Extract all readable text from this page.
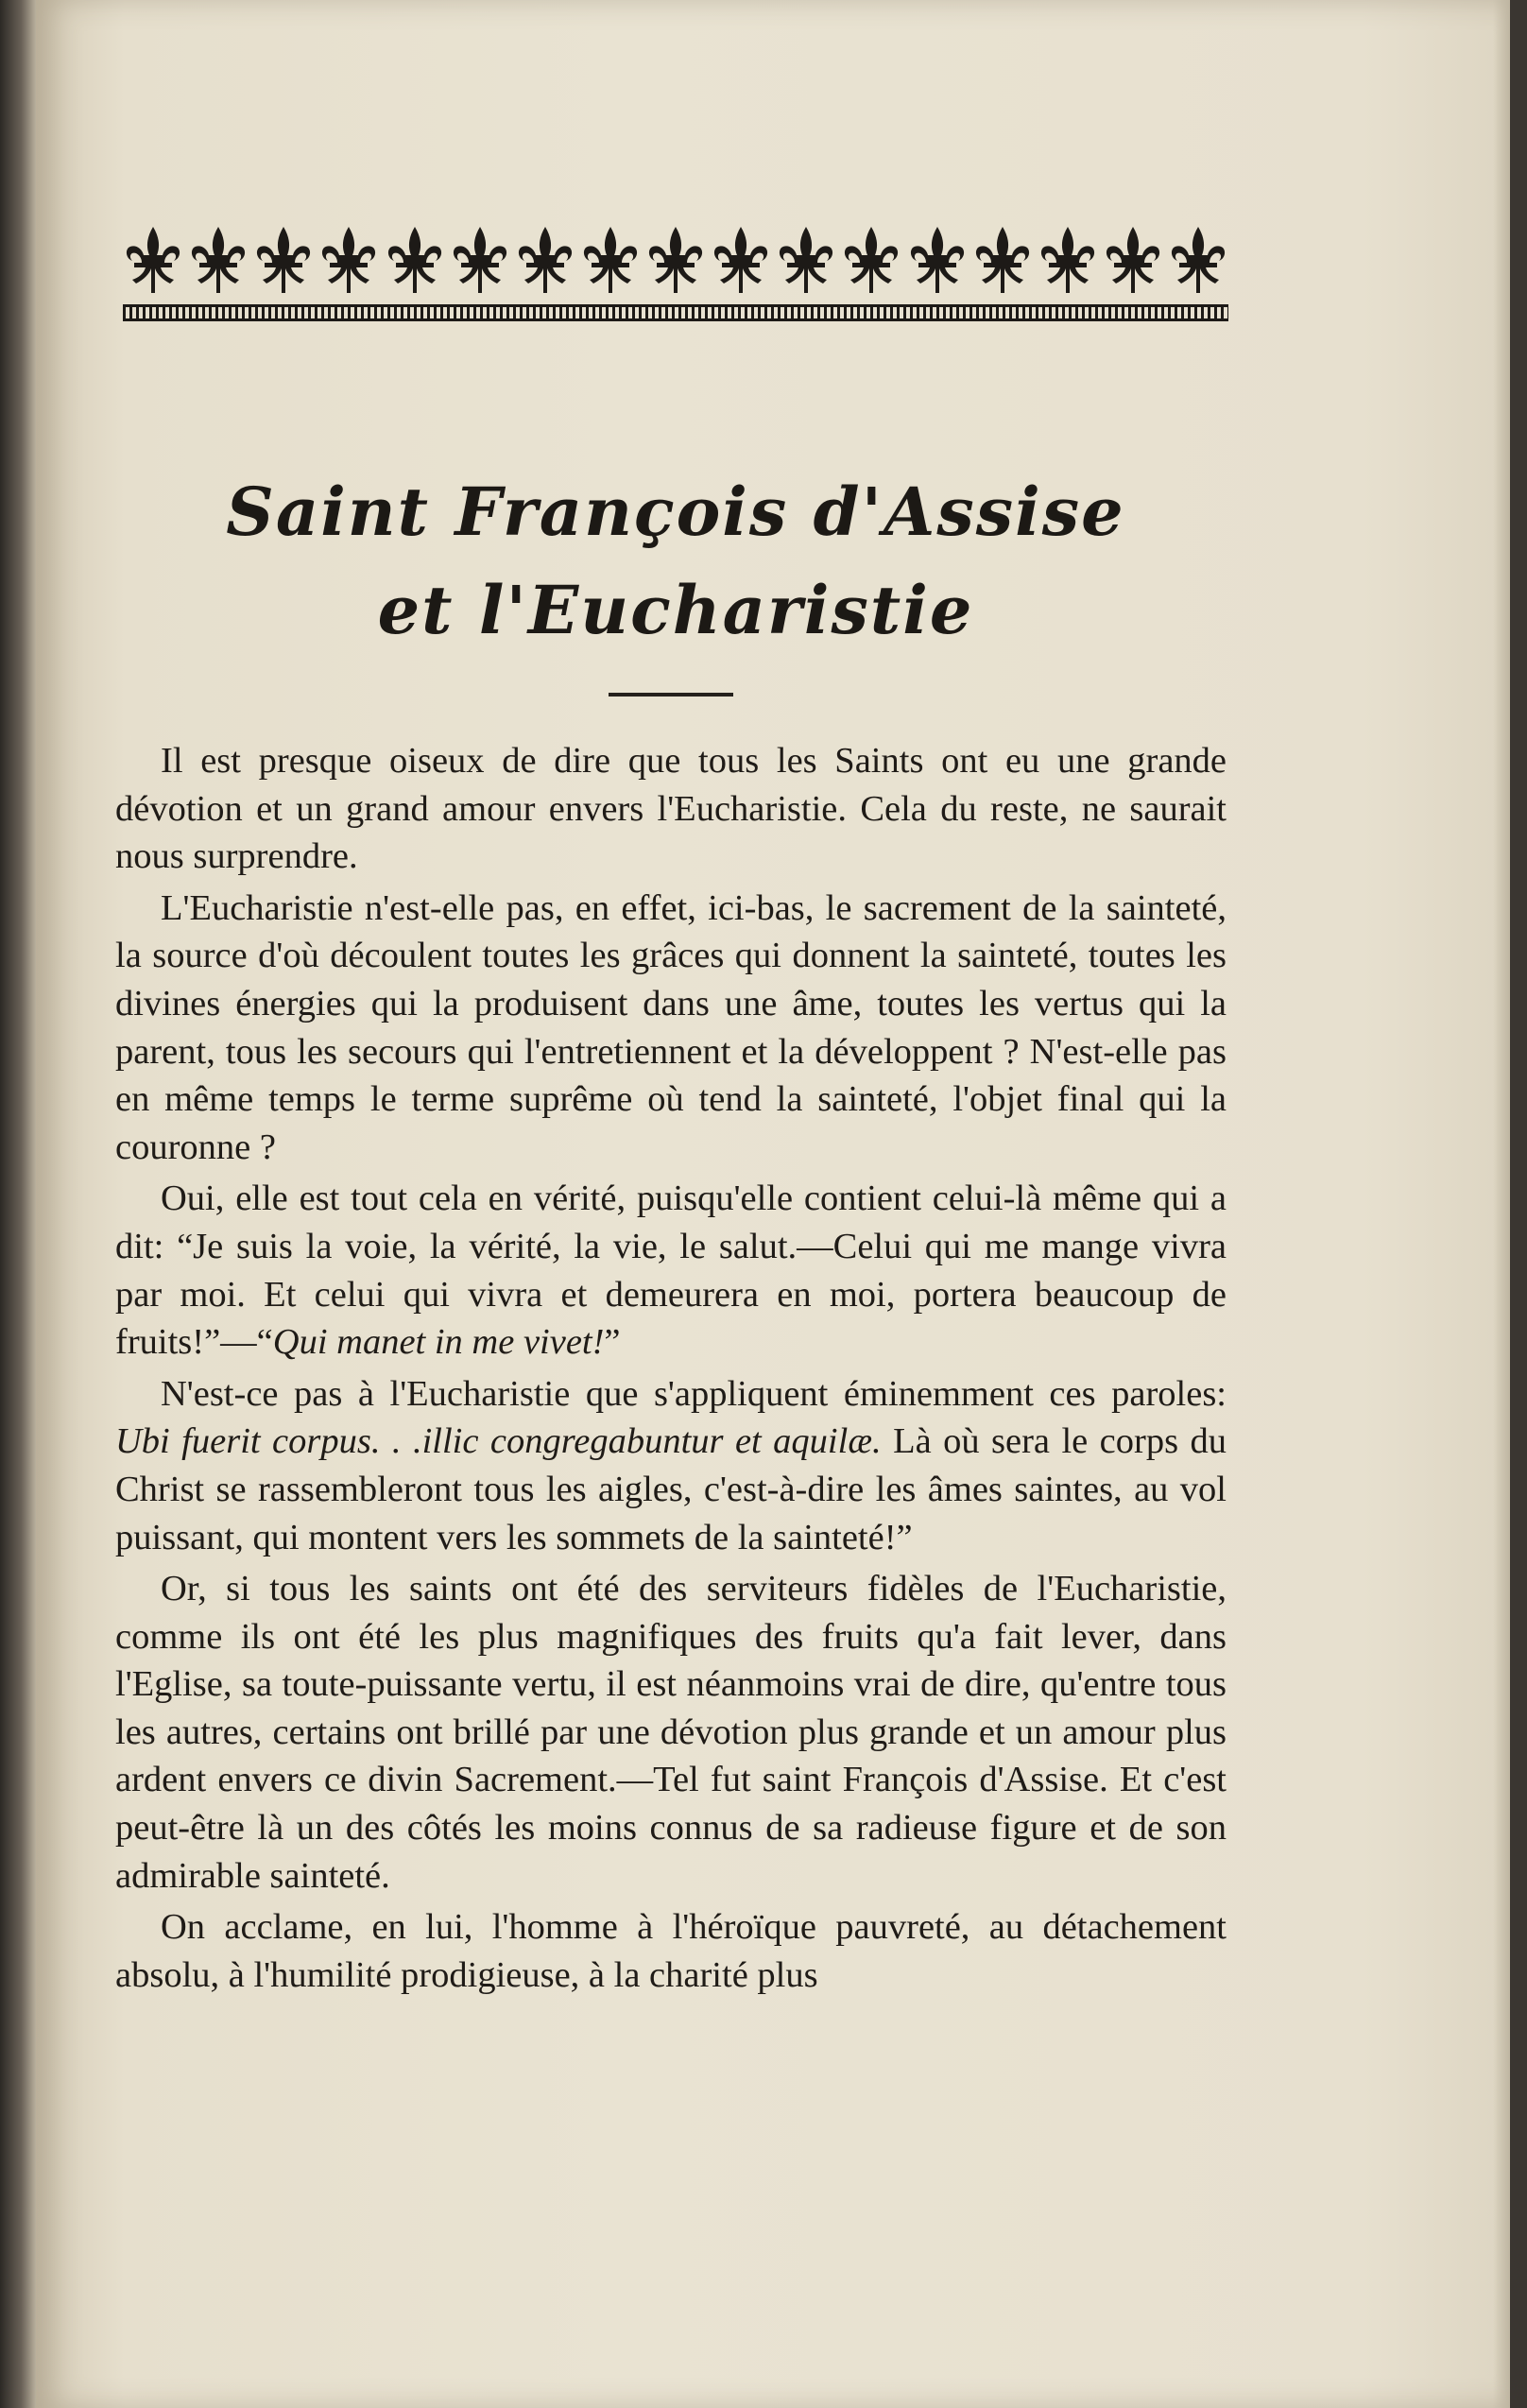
Saint François d'Assise
et l'Eucharistie

Il est presque oiseux de dire que tous les Saints ont eu une grande dévotion et un grand amour envers l'Eucharistie. Cela du reste, ne saurait nous surprendre.

L'Eucharistie n'est-elle pas, en effet, ici-bas, le sacrement de la sainteté, la source d'où découlent toutes les grâces qui donnent la sainteté, toutes les divines énergies qui la produisent dans une âme, toutes les vertus qui la parent, tous les secours qui l'entretiennent et la développent ? N'est-elle pas en même temps le terme suprême où tend la sainteté, l'objet final qui la couronne ?

Oui, elle est tout cela en vérité, puisqu'elle contient celui-là même qui a dit: “Je suis la voie, la vérité, la vie, le salut.—Celui qui me mange vivra par moi. Et celui qui vivra et demeurera en moi, portera beaucoup de fruits!”—“Qui manet in me vivet!”

N'est-ce pas à l'Eucharistie que s'appliquent éminemment ces paroles: Ubi fuerit corpus. . .illic congregabuntur et aquilæ. Là où sera le corps du Christ se rassembleront tous les aigles, c'est-à-dire les âmes saintes, au vol puissant, qui montent vers les sommets de la sainteté!”

Or, si tous les saints ont été des serviteurs fidèles de l'Eucharistie, comme ils ont été les plus magnifiques des fruits qu'a fait lever, dans l'Eglise, sa toute-puissante vertu, il est néanmoins vrai de dire, qu'entre tous les autres, certains ont brillé par une dévotion plus grande et un amour plus ardent envers ce divin Sacrement.—Tel fut saint François d'Assise. Et c'est peut-être là un des côtés les moins connus de sa radieuse figure et de son admirable sainteté.

On acclame, en lui, l'homme à l'héroïque pauvreté, au détachement absolu, à l'humilité prodigieuse, à la charité plus
